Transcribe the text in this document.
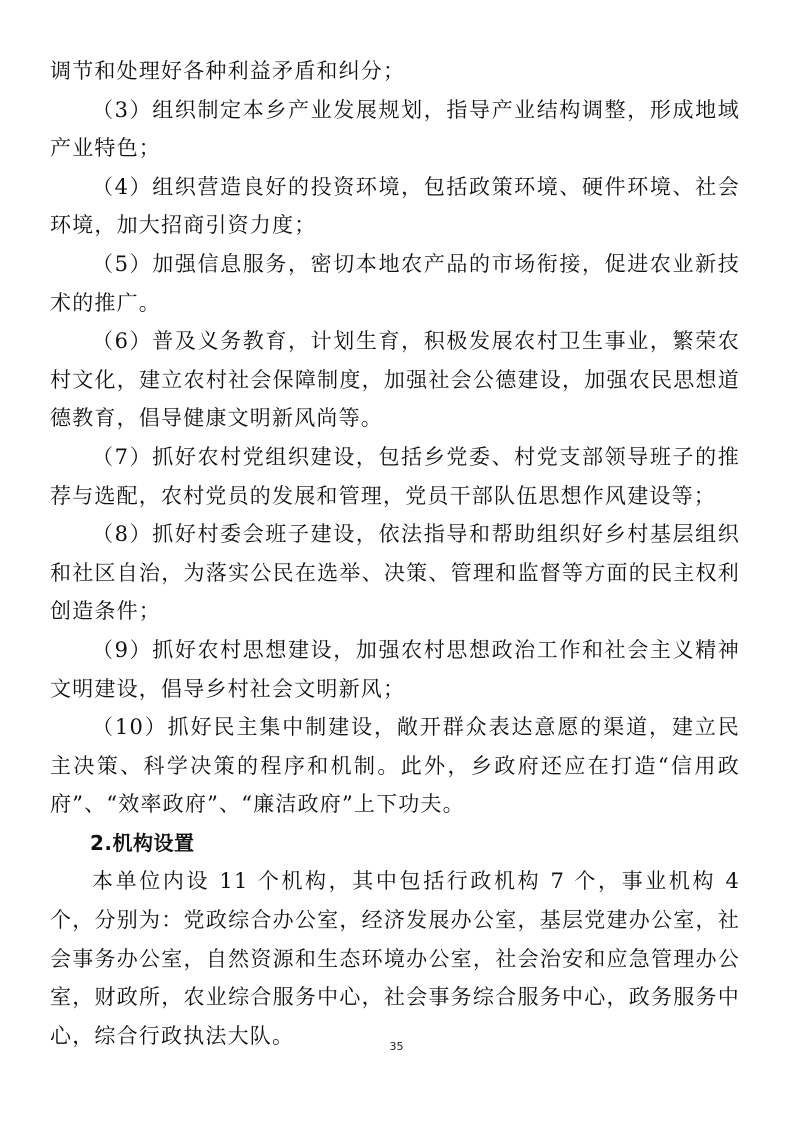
调节和处理好各种利益矛盾和纠分；

（3）组织制定本乡产业发展规划，指导产业结构调整，形成地域产业特色；

（4）组织营造良好的投资环境，包括政策环境、硬件环境、社会环境，加大招商引资力度；

（5）加强信息服务，密切本地农产品的市场衔接，促进农业新技术的推广。

（6）普及义务教育，计划生育，积极发展农村卫生事业，繁荣农村文化，建立农村社会保障制度，加强社会公德建设，加强农民思想道德教育，倡导健康文明新风尚等。

（7）抓好农村党组织建设，包括乡党委、村党支部领导班子的推荐与选配，农村党员的发展和管理，党员干部队伍思想作风建设等；

（8）抓好村委会班子建设，依法指导和帮助组织好乡村基层组织和社区自治，为落实公民在选举、决策、管理和监督等方面的民主权利创造条件；

（9）抓好农村思想建设，加强农村思想政治工作和社会主义精神文明建设，倡导乡村社会文明新风；

（10）抓好民主集中制建设，敞开群众表达意愿的渠道，建立民主决策、科学决策的程序和机制。此外，乡政府还应在打造“信用政府”、“效率政府”、“廉洁政府”上下功夫。

2.机构设置

本单位内设 11 个机构，其中包括行政机构 7 个，事业机构 4 个，分别为：党政综合办公室，经济发展办公室，基层党建办公室，社会事务办公室，自然资源和生态环境办公室，社会治安和应急管理办公室，财政所，农业综合服务中心，社会事务综合服务中心，政务服务中心，综合行政执法大队。	35
